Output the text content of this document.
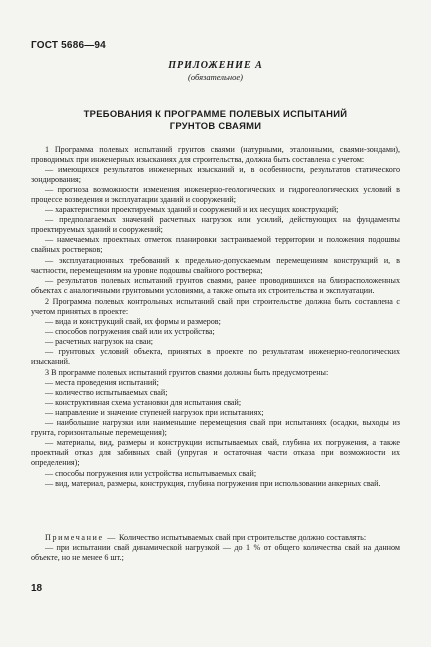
ГОСТ 5686—94
ПРИЛОЖЕНИЕ А
(обязательное)
ТРЕБОВАНИЯ К ПРОГРАММЕ ПОЛЕВЫХ ИСПЫТАНИЙ
ГРУНТОВ СВАЯМИ

1 Программа полевых испытаний грунтов сваями (натурными, эталонными, сваями-зондами), проводимых при инженерных изысканиях для строительства, должна быть составлена с учетом:

— имеющихся результатов инженерных изысканий и, в особенности, результатов статического зондирования;

— прогноза возможности изменения инженерно-геологических и гидрогеологических условий в процессе возведения и эксплуатации зданий и сооружений;

— характеристики проектируемых зданий и сооружений и их несущих конструкций;

— предполагаемых значений расчетных нагрузок или усилий, действующих на фундаменты проектируемых зданий и сооружений;

— намечаемых проектных отметок планировки застраиваемой территории и положения подошвы свайных ростверков;

— эксплуатационных требований к предельно-допускаемым перемещениям конструкций и, в частности, перемещениям на уровне подошвы свайного ростверка;

— результатов полевых испытаний грунтов сваями, ранее проводившихся на близрасположенных объектах с аналогичными грунтовыми условиями, а также опыта их строительства и эксплуатации.

2 Программа полевых контрольных испытаний свай при строительстве должна быть составлена с учетом принятых в проекте:

— вида и конструкций свай, их формы и размеров;

— способов погружения свай или их устройства;

— расчетных нагрузок на сваи;

— грунтовых условий объекта, принятых в проекте по результатам инженерно-геологических изысканий.

3 В программе полевых испытаний грунтов сваями должны быть предусмотрены:

— места проведения испытаний;

— количество испытываемых свай;

— конструктивная схема установки для испытания свай;

— направление и значение ступеней нагрузок при испытаниях;

— наибольшие нагрузки или наименьшие перемещения свай при испытаниях (осадки, выходы из грунта, горизонтальные перемещения);

— материалы, вид, размеры и конструкции испытываемых свай, глубина их погружения, а также проектный отказ для забивных свай (упругая и остаточная части отказа при возможности их определения);

— способы погружения или устройства испытываемых свай;

— вид, материал, размеры, конструкция, глубина погружения при использовании анкерных свай.

Примечание — Количество испытываемых свай при строительстве должно составлять:

— при испытании свай динамической нагрузкой — до 1 % от общего количества свай на данном объекте, но не менее 6 шт.;

18
